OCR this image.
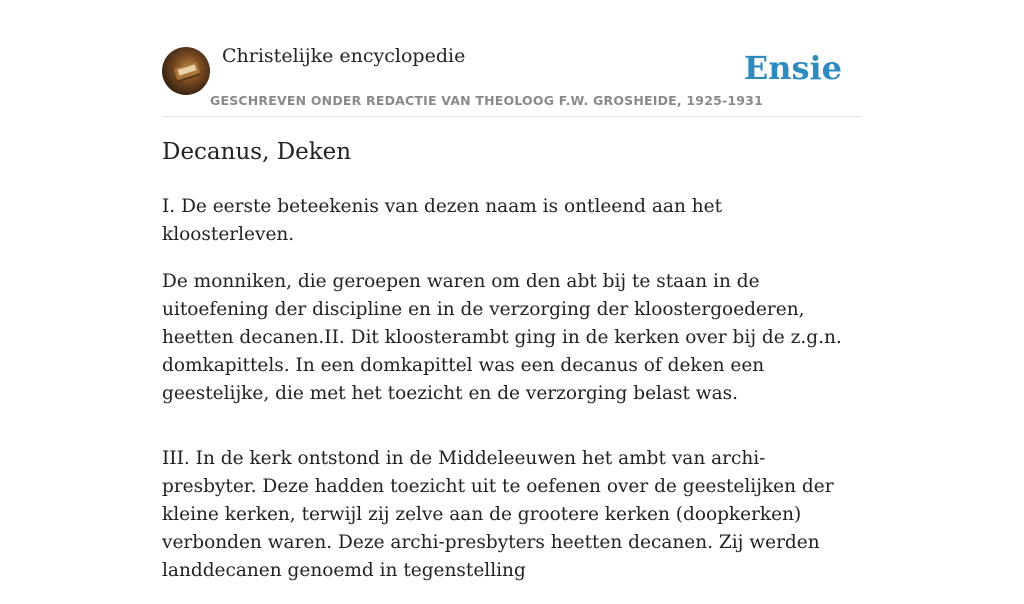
Christelijke encyclopedie
GESCHREVEN ONDER REDACTIE VAN THEOLOOG F.W. GROSHEIDE, 1925-1931
Ensie
Decanus, Deken

I. De eerste beteekenis van dezen naam is ontleend aan het kloosterleven.

De monniken, die geroepen waren om den abt bij te staan in de uitoefening der discipline en in de verzorging der kloostergoederen, heetten decanen.II. Dit kloosterambt ging in de kerken over bij de z.g.n. domkapittels. In een domkapittel was een decanus of deken een geestelijke, die met het toezicht en de verzorging belast was.

III. In de kerk ontstond in de Middeleeuwen het ambt van archi-presbyter. Deze hadden toezicht uit te oefenen over de geestelijken der kleine kerken, terwijl zij zelve aan de grootere kerken (doopkerken) verbonden waren. Deze archi-presbyters heetten decanen. Zij werden landdecanen genoemd in tegenstelling
